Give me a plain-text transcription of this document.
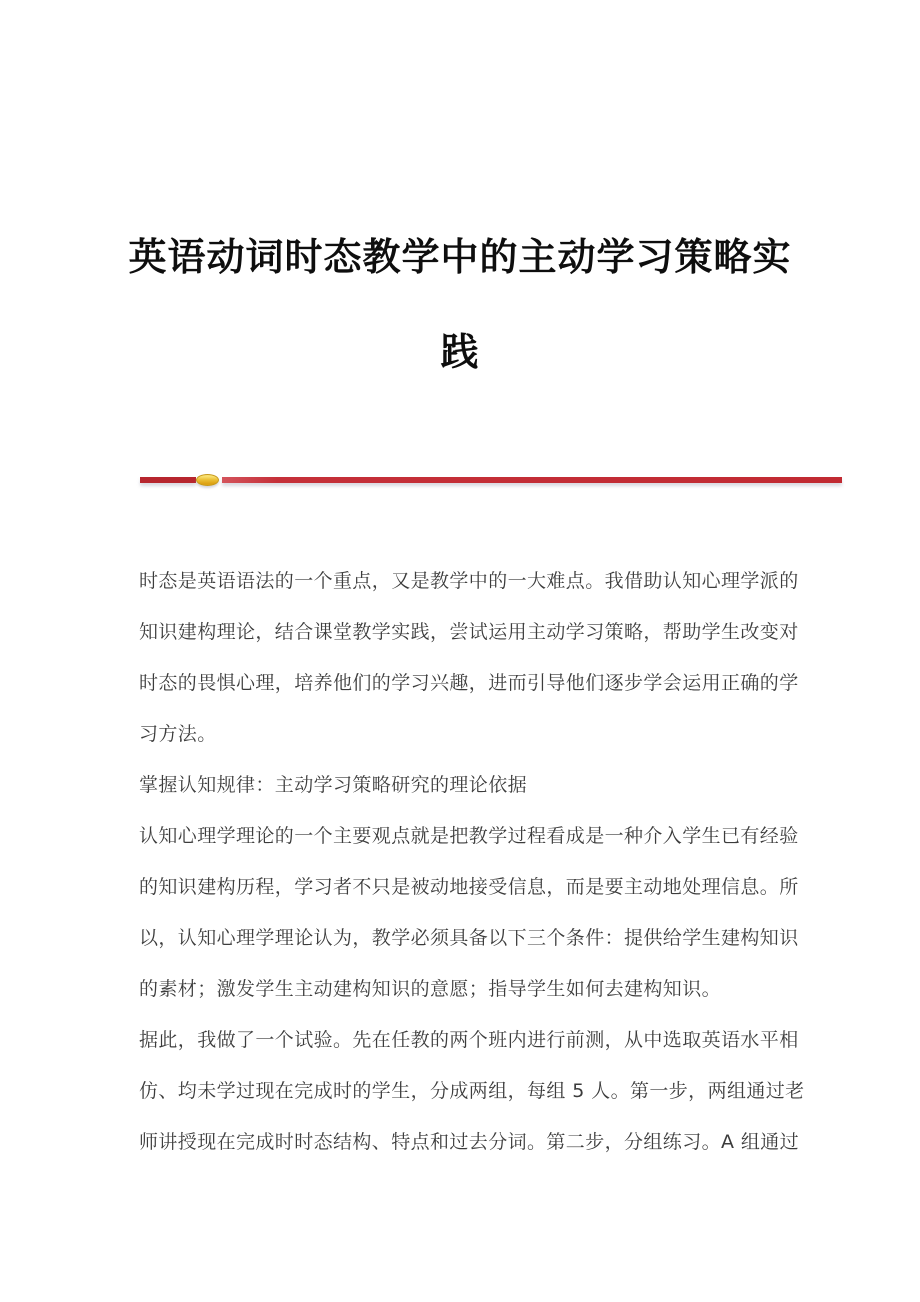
英语动词时态教学中的主动学习策略实
践
时态是英语语法的一个重点，又是教学中的一大难点。我借助认知心理学派的
知识建构理论，结合课堂教学实践，尝试运用主动学习策略，帮助学生改变对
时态的畏惧心理，培养他们的学习兴趣，进而引导他们逐步学会运用正确的学
习方法。
掌握认知规律：主动学习策略研究的理论依据
认知心理学理论的一个主要观点就是把教学过程看成是一种介入学生已有经验
的知识建构历程，学习者不只是被动地接受信息，而是要主动地处理信息。所
以，认知心理学理论认为，教学必须具备以下三个条件：提供给学生建构知识
的素材；激发学生主动建构知识的意愿；指导学生如何去建构知识。
据此，我做了一个试验。先在任教的两个班内进行前测，从中选取英语水平相
仿、均未学过现在完成时的学生，分成两组，每组 5 人。第一步，两组通过老
师讲授现在完成时时态结构、特点和过去分词。第二步，分组练习。A 组通过
